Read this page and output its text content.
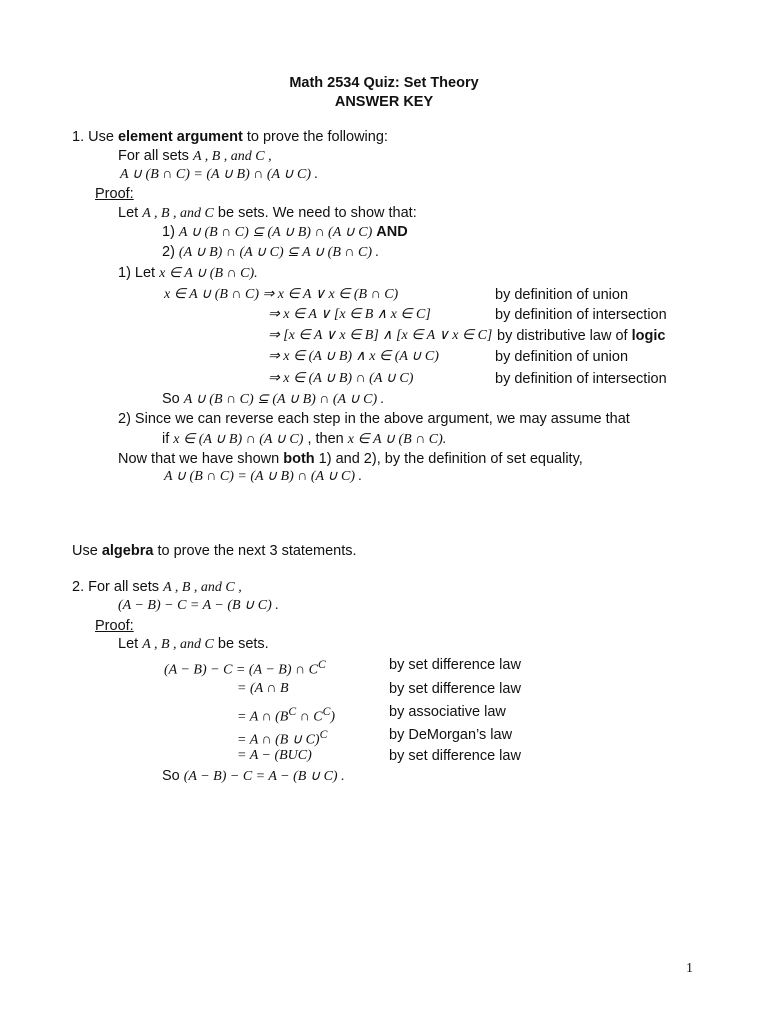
Math 2534 Quiz: Set Theory
ANSWER KEY
1. Use element argument to prove the following:
For all sets A , B , and C ,
A ∪ (B ∩ C) = (A ∪ B) ∩ (A ∪ C) .
Proof:
Let A , B , and C be sets. We need to show that:
1) A ∪ (B ∩ C) ⊆ (A ∪ B) ∩ (A ∪ C) AND
2) (A ∪ B) ∩ (A ∪ C) ⊆ A ∪ (B ∩ C) .
1) Let x ∈ A ∪ (B ∩ C).
x ∈ A ∪ (B ∩ C) ⇒ x ∈ A ∨ x ∈ (B ∩ C)	by definition of union
⇒ x ∈ A ∨ [x ∈ B ∧ x ∈ C]	by definition of intersection
⇒ [x ∈ A ∨ x ∈ B] ∧ [x ∈ A ∨ x ∈ C] by distributive law of logic
⇒ x ∈ (A ∪ B) ∧ x ∈ (A ∪ C)	by definition of union
⇒ x ∈ (A ∪ B) ∩ (A ∪ C)	by definition of intersection
So A ∪ (B ∩ C) ⊆ (A ∪ B) ∩ (A ∪ C) .
2) Since we can reverse each step in the above argument, we may assume that
if x ∈ (A ∪ B) ∩ (A ∪ C) , then x ∈ A ∪ (B ∩ C).
Now that we have shown both 1) and 2), by the definition of set equality,
A ∪ (B ∩ C) = (A ∪ B) ∩ (A ∪ C) .
Use algebra to prove the next 3 statements.
2. For all sets A , B , and C ,
(A − B) − C = A − (B ∪ C) .
Proof:
Let A , B , and C be sets.
(A − B) − C = (A − B) ∩ $C^C$	by set difference law
= (A ∩ B	by set difference law
= A ∩ ($B^C$ ∩ $C^C$)	by associative law
= A ∩ (B ∪ C)$^C$	by DeMorgan’s law
= A − (BUC)	by set difference law
So (A − B) − C = A − (B ∪ C) .
1
